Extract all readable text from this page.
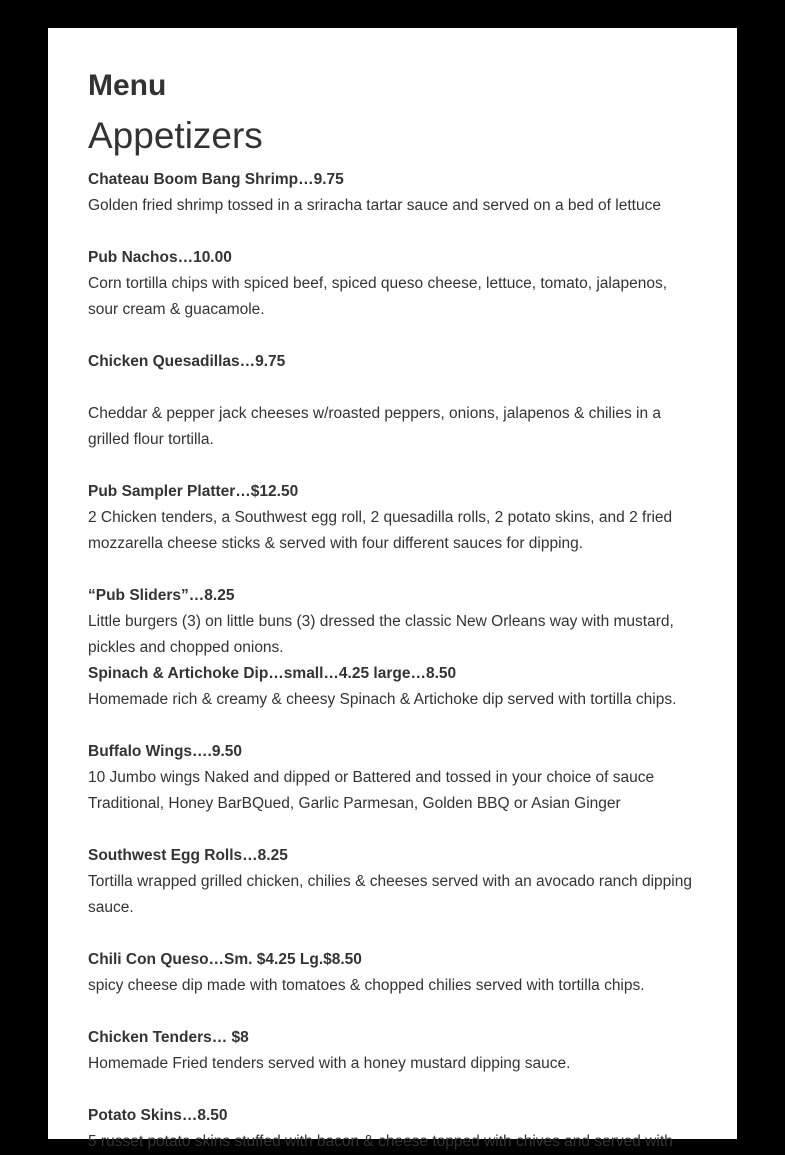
Menu
Appetizers
Chateau Boom Bang Shrimp…9.75
Golden fried shrimp tossed in a sriracha tartar sauce and served on a bed of lettuce
Pub Nachos…10.00
Corn tortilla chips with spiced beef, spiced queso cheese, lettuce, tomato, jalapenos, sour cream & guacamole.
Chicken Quesadillas…9.75
Cheddar & pepper jack cheeses w/roasted peppers, onions, jalapenos & chilies in a grilled flour tortilla.
Pub Sampler Platter…$12.50
2 Chicken tenders, a Southwest egg roll, 2 quesadilla rolls, 2 potato skins, and 2 fried mozzarella cheese sticks & served with four different sauces for dipping.
“Pub Sliders”…8.25
Little burgers (3) on little buns (3) dressed the classic New Orleans way with mustard, pickles and chopped onions.
Spinach & Artichoke Dip…small…4.25 large…8.50
Homemade rich & creamy & cheesy Spinach & Artichoke dip served with tortilla chips.
Buffalo Wings….9.50
10 Jumbo wings Naked and dipped or Battered and tossed in your choice of sauce Traditional, Honey BarBQued, Garlic Parmesan, Golden BBQ or Asian Ginger
Southwest Egg Rolls…8.25
Tortilla wrapped grilled chicken, chilies & cheeses served with an avocado ranch dipping sauce.
Chili Con Queso…Sm. $4.25 Lg.$8.50
spicy cheese dip made with tomatoes & chopped chilies served with tortilla chips.
Chicken Tenders… $8
Homemade Fried tenders served with a honey mustard dipping sauce.
Potato Skins…8.50
5 russet potato skins stuffed with bacon & cheese topped with chives and served with
